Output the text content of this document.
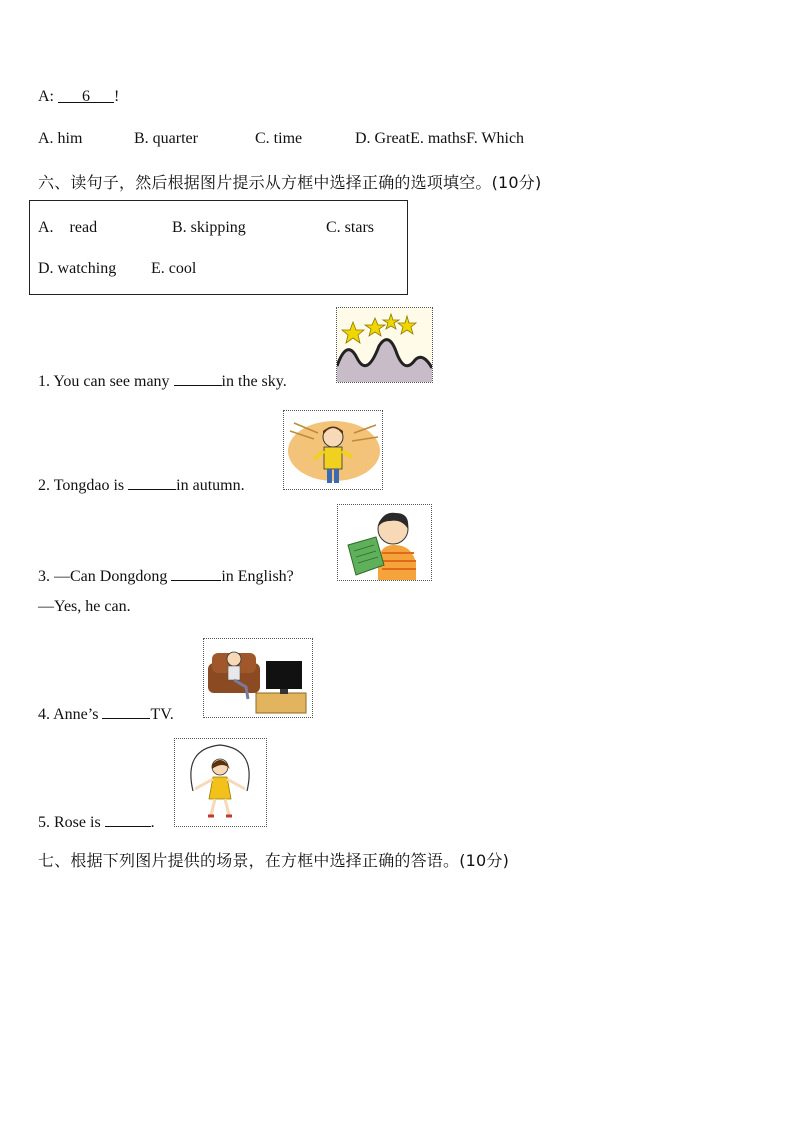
A: 6 !
A. him	B. quarter	C. time	D. GreatE. mathsF. Which
六、读句子，然后根据图片提示从方框中选择正确的选项填空。(10分)
A.    read	B. skipping	C. stars
D. watching E. cool
1. You can see many	in the sky.
2. Tongdao is	in autumn.
3. —Can Dongdong	in English?
—Yes, he can.
4. Anne’s	TV.
5. Rose is	.
七、根据下列图片提供的场景，在方框中选择正确的答语。(10分)
